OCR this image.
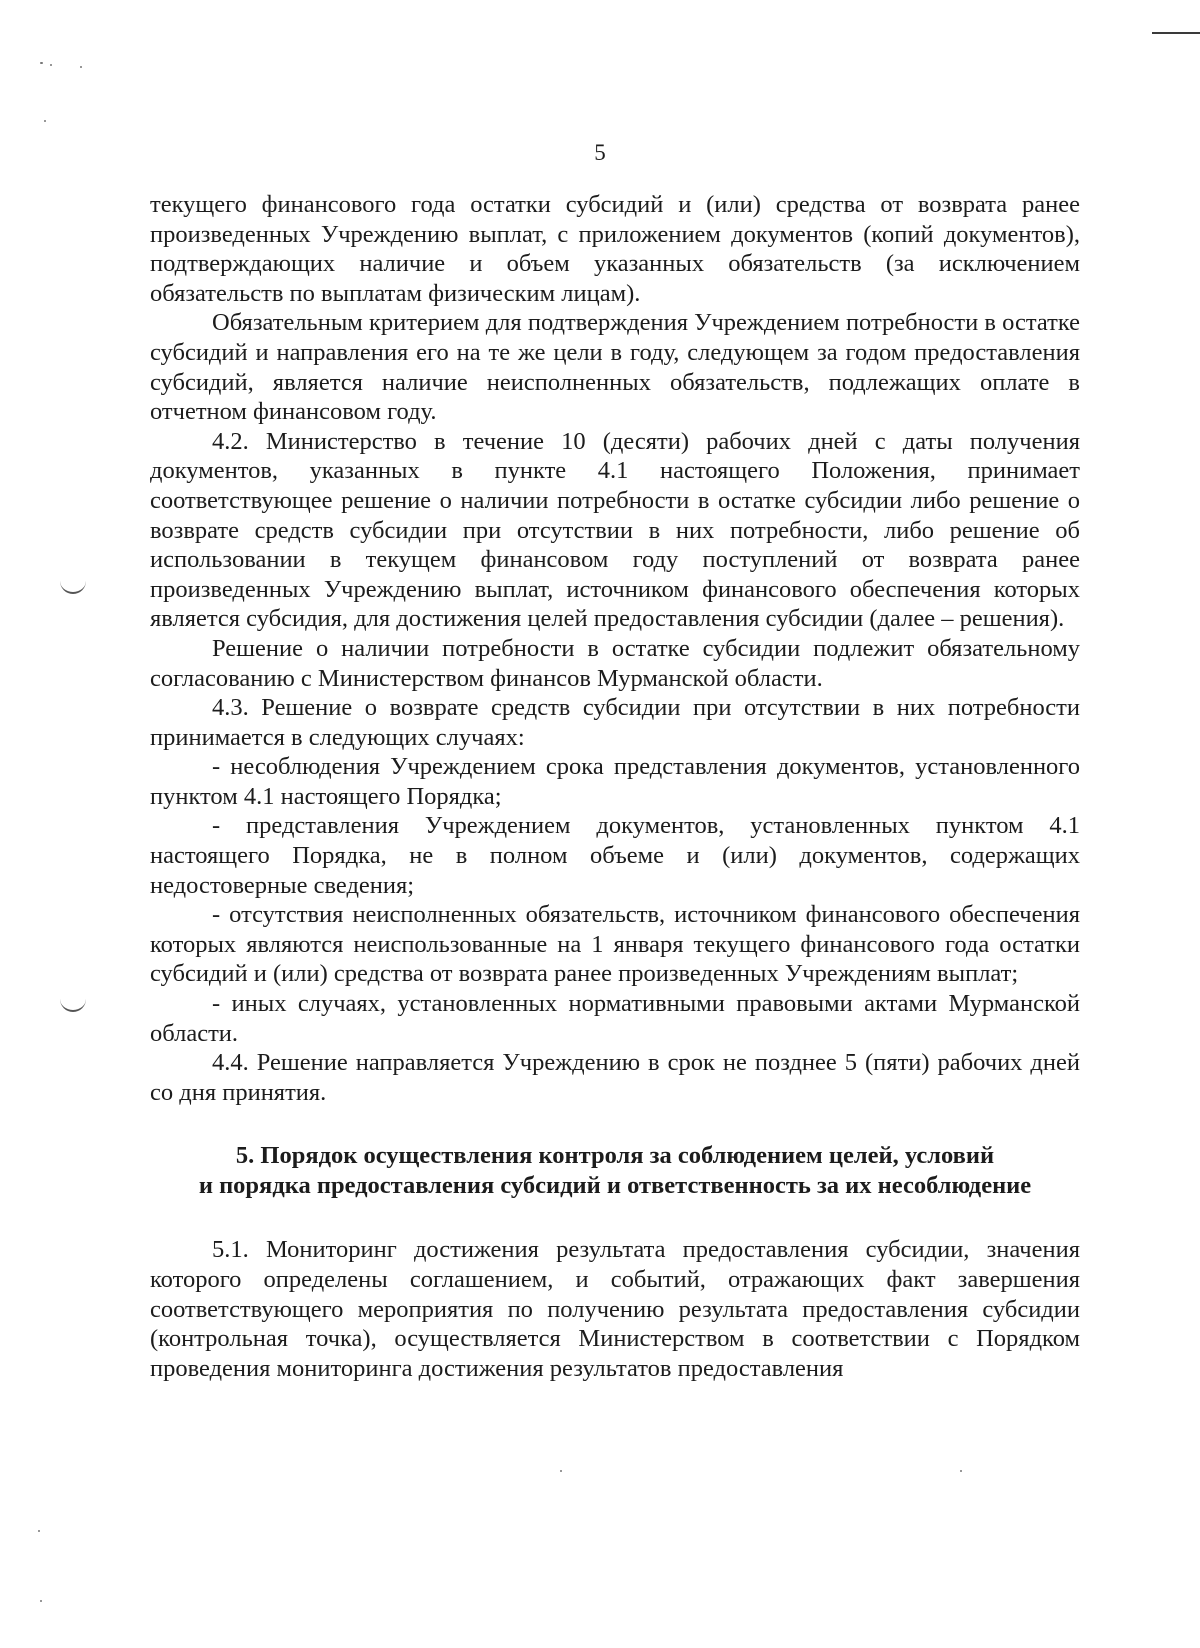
5

текущего финансового года остатки субсидий и (или) средства от возврата ранее произведенных Учреждению выплат, с приложением документов (копий документов), подтверждающих наличие и объем указанных обязательств (за исключением обязательств по выплатам физическим лицам).

Обязательным критерием для подтверждения Учреждением потребности в остатке субсидий и направления его на те же цели в году, следующем за годом предоставления субсидий, является наличие неисполненных обязательств, подлежащих оплате в отчетном финансовом году.

4.2. Министерство в течение 10 (десяти) рабочих дней с даты получения документов, указанных в пункте 4.1 настоящего Положения, принимает соответствующее решение о наличии потребности в остатке субсидии либо решение о возврате средств субсидии при отсутствии в них потребности, либо решение об использовании в текущем финансовом году поступлений от возврата ранее произведенных Учреждению выплат, источником финансового обеспечения которых является субсидия, для достижения целей предоставления субсидии (далее – решения).

Решение о наличии потребности в остатке субсидии подлежит обязательному согласованию с Министерством финансов Мурманской области.

4.3. Решение о возврате средств субсидии при отсутствии в них потребности принимается в следующих случаях:

- несоблюдения Учреждением срока представления документов, установленного пунктом 4.1 настоящего Порядка;

- представления Учреждением документов, установленных пунктом 4.1 настоящего Порядка, не в полном объеме и (или) документов, содержащих недостоверные сведения;

- отсутствия неисполненных обязательств, источником финансового обеспечения которых являются неиспользованные на 1 января текущего финансового года остатки субсидий и (или) средства от возврата ранее произведенных Учреждениям выплат;

- иных случаях, установленных нормативными правовыми актами Мурманской области.

4.4. Решение направляется Учреждению в срок не позднее 5 (пяти) рабочих дней со дня принятия.

5. Порядок осуществления контроля за соблюдением целей, условий
и порядка предоставления субсидий и ответственность за их несоблюдение

5.1. Мониторинг достижения результата предоставления субсидии, значения которого определены соглашением, и событий, отражающих факт завершения соответствующего мероприятия по получению результата предоставления субсидии (контрольная точка), осуществляется Министерством в соответствии с Порядком проведения мониторинга достижения результатов предоставления
